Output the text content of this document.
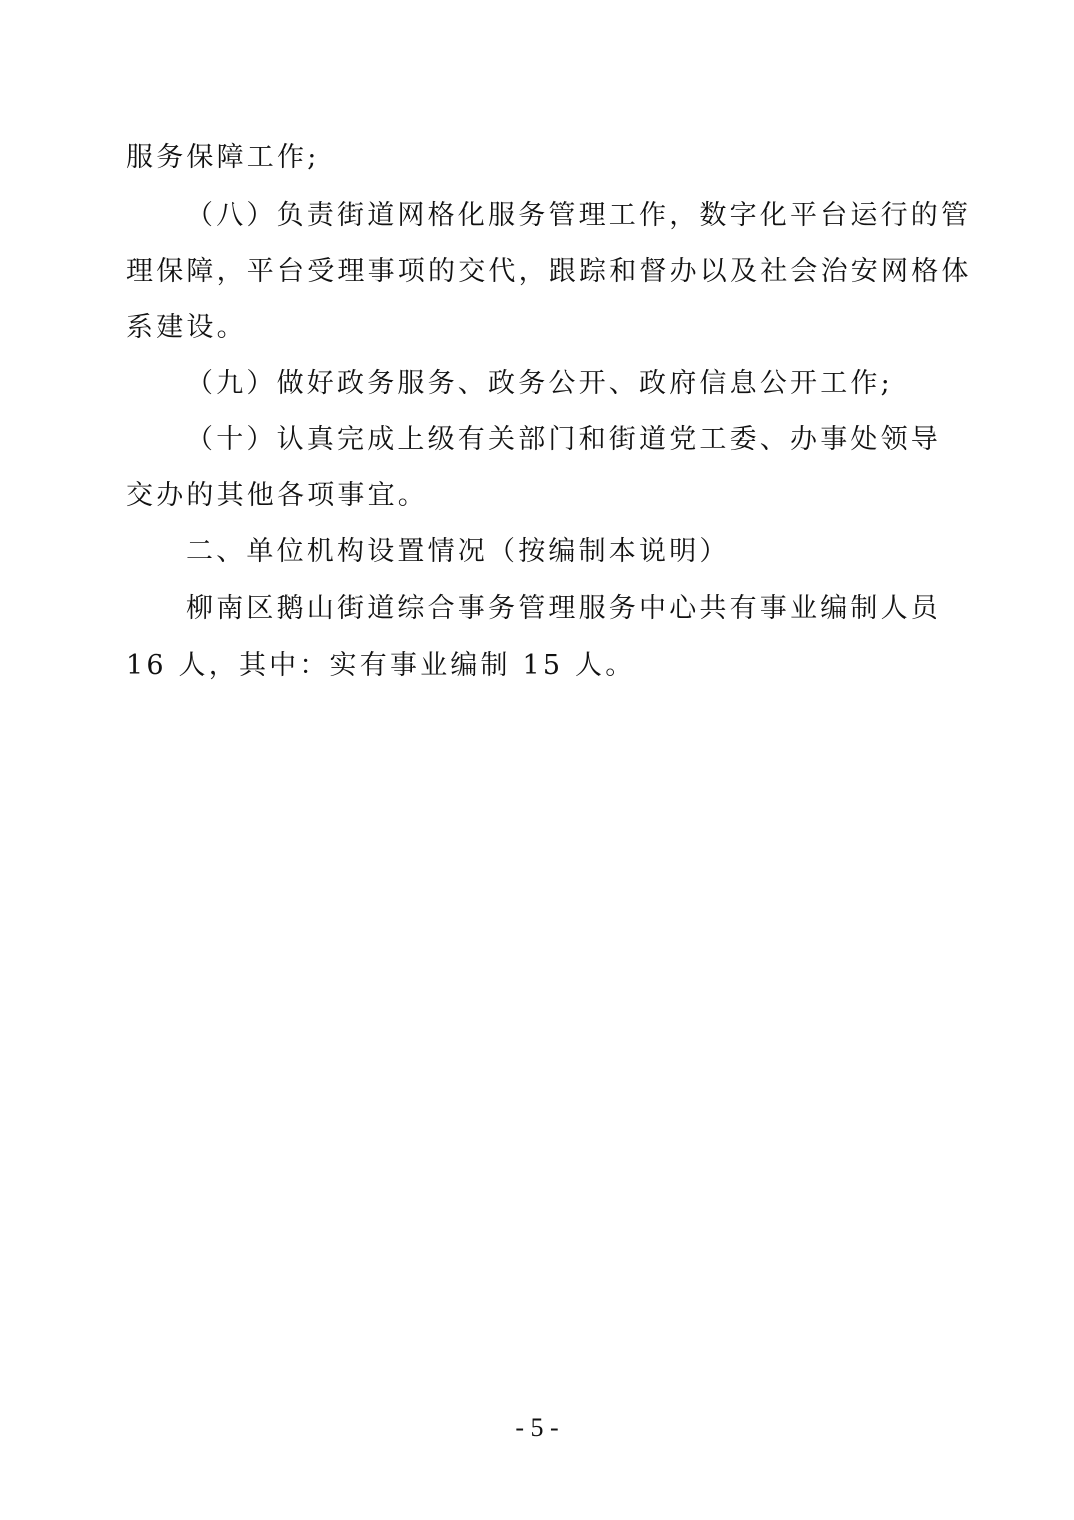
服务保障工作;
（八）负责街道网格化服务管理工作，数字化平台运行的管
理保障，平台受理事项的交代，跟踪和督办以及社会治安网格体
系建设。
（九）做好政务服务、政务公开、政府信息公开工作;
（十）认真完成上级有关部门和街道党工委、办事处领导
交办的其他各项事宜。
二、单位机构设置情况（按编制本说明）
柳南区鹅山街道综合事务管理服务中心共有事业编制人员
16 人，其中：实有事业编制 15 人。
- 5 -
